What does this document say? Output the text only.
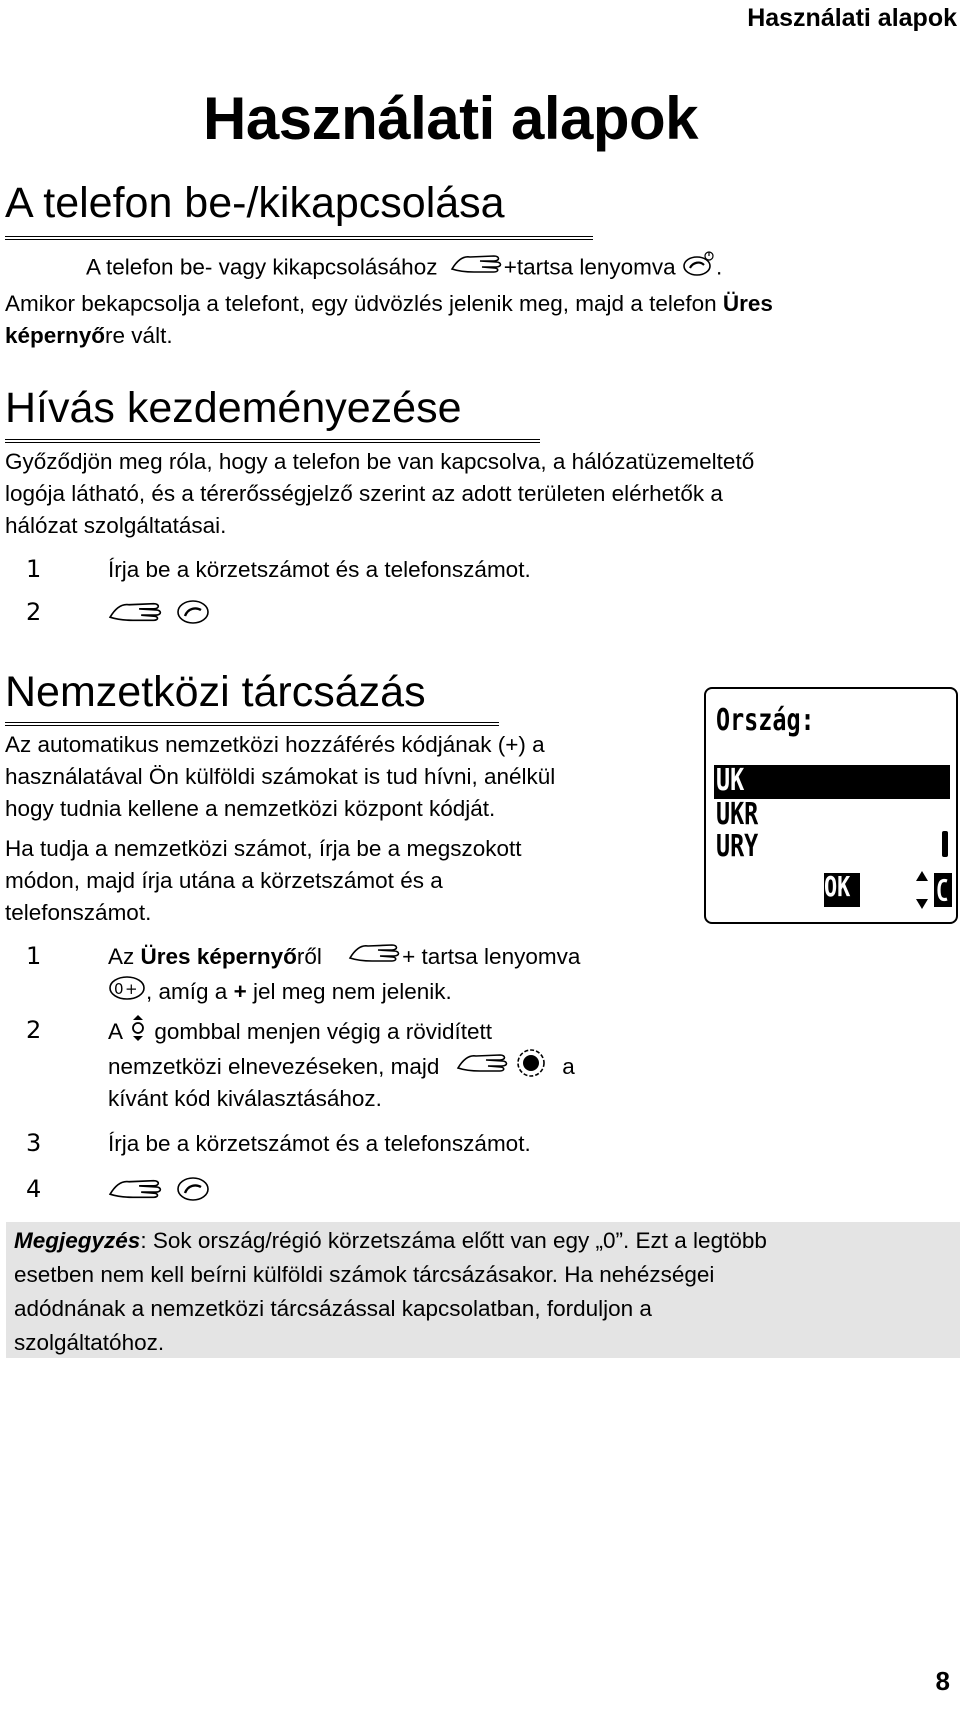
Használati alapok
Használati alapok
A telefon be-/kikapcsolása
A telefon be- vagy kikapcsolásához	+tartsa lenyomva .
Amikor bekapcsolja a telefont, egy üdvözlés jelenik meg, majd a telefon Üres
képernyőre vált.
Hívás kezdeményezése
Győződjön meg róla, hogy a telefon be van kapcsolva, a hálózatüzemeltető
logója látható, és a térerősségjelző szerint az adott területen elérhetők a
hálózat szolgáltatásai.
1	Írja be a körzetszámot és a telefonszámot.
2

Nemzetközi tárcsázás
Az automatikus nemzetközi hozzáférés kódjának (+) a
használatával Ön külföldi számokat is tud hívni, anélkül
hogy tudnia kellene a nemzetközi központ kódját.
Ha tudja a nemzetközi számot, írja be a megszokott
módon, majd írja utána a körzetszámot és a
telefonszámot.
1	Az Üres képernyőről	+ tartsa lenyomva
0 + , amíg a + jel meg nem jelenik.
2	A gombbal menjen végig a rövidített
nemzetközi elnevezéseken, majd	a
kívánt kód kiválasztásához.
3	Írja be a körzetszámot és a telefonszámot.
4

Ország:
UK
UKR
URY
OK
Megjegyzés: Sok ország/régió körzetszáma előtt van egy „0”. Ezt a legtöbb
esetben nem kell beírni külföldi számok tárcsázásakor. Ha nehézségei
adódnának a nemzetközi tárcsázással kapcsolatban, forduljon a
szolgáltatóhoz.
8
